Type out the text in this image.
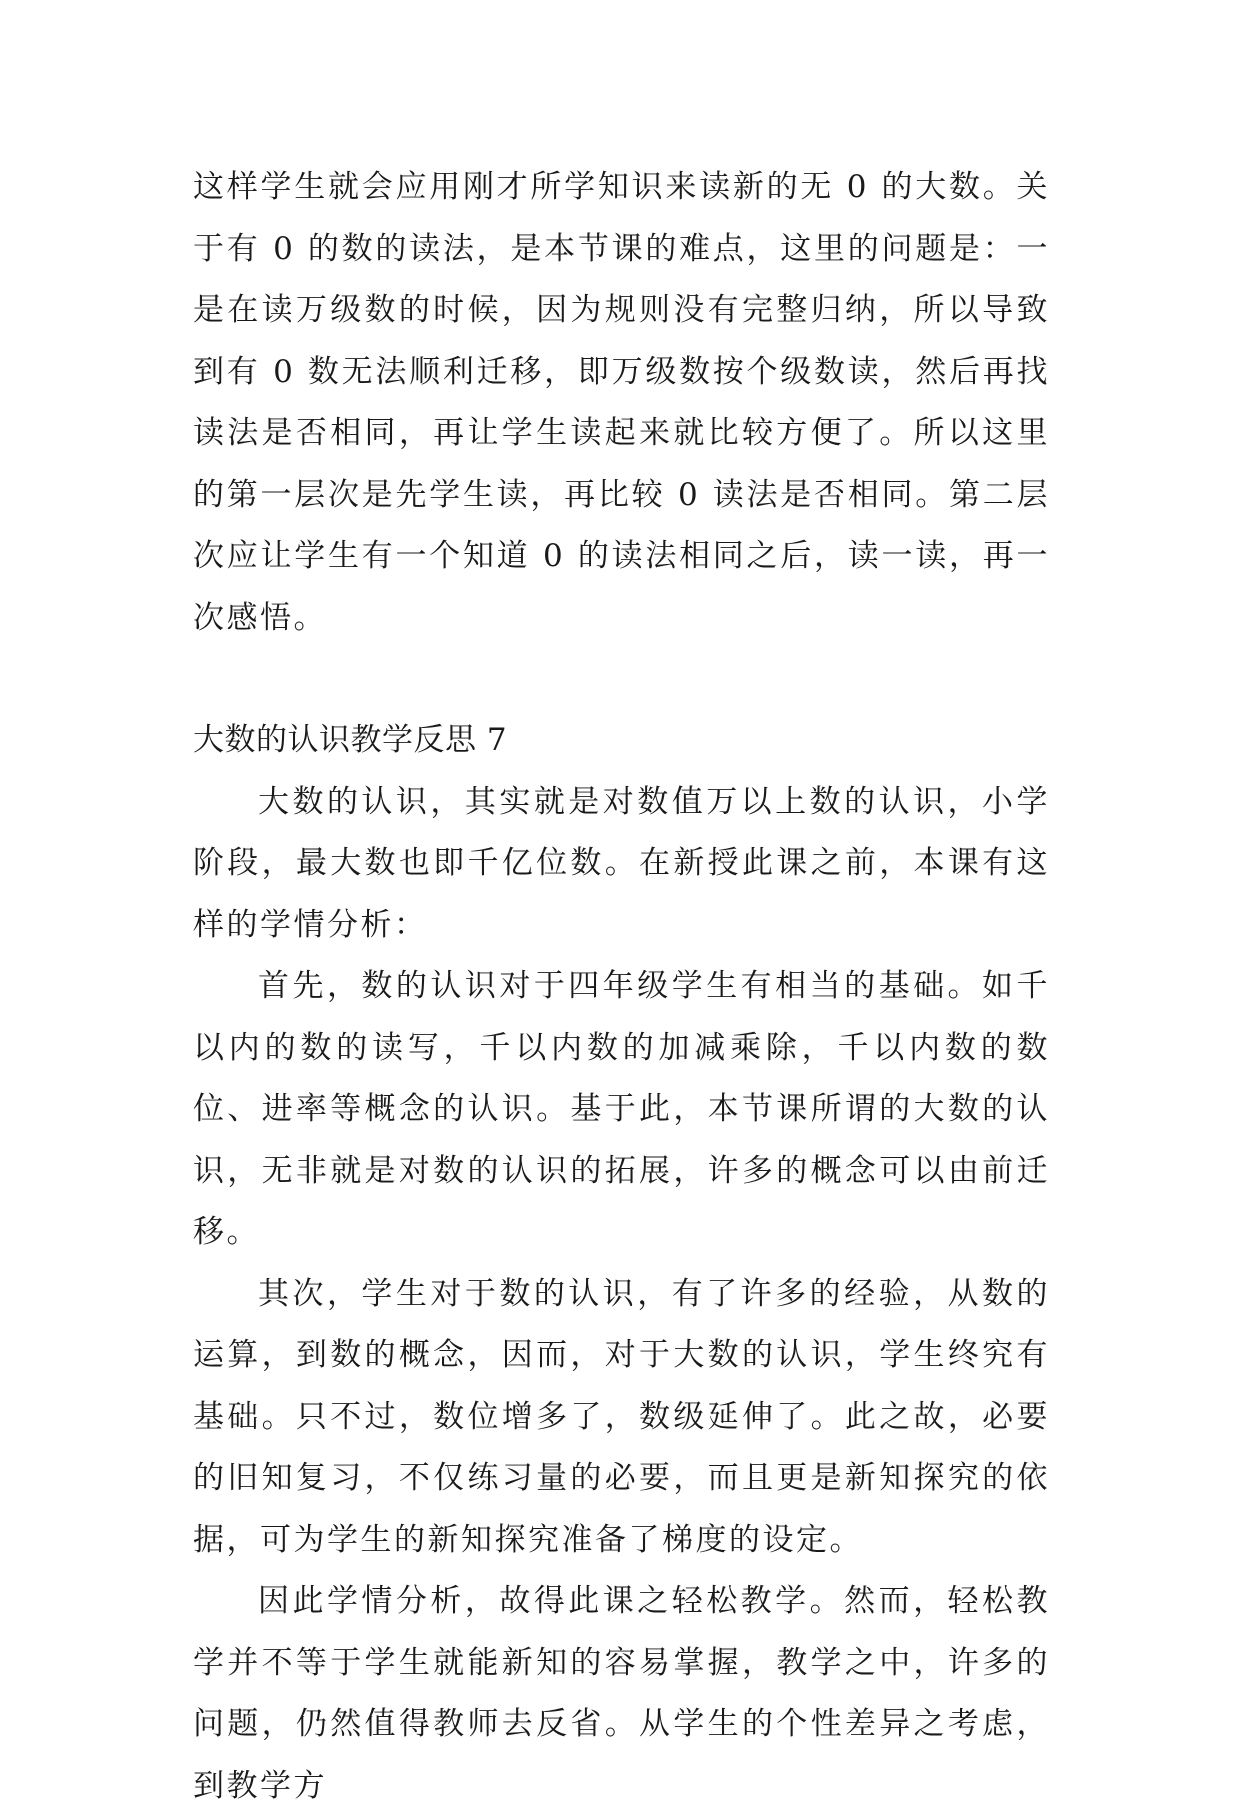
这样学生就会应用刚才所学知识来读新的无 0 的大数。关于有 0 的数的读法，是本节课的难点，这里的问题是：一是在读万级数的时候，因为规则没有完整归纳，所以导致到有 0 数无法顺利迁移，即万级数按个级数读，然后再找读法是否相同，再让学生读起来就比较方便了。所以这里的第一层次是先学生读，再比较 0 读法是否相同。第二层次应让学生有一个知道 0 的读法相同之后，读一读，再一次感悟。

大数的认识教学反思 7

大数的认识，其实就是对数值万以上数的认识，小学阶段，最大数也即千亿位数。在新授此课之前，本课有这样的学情分析：

首先，数的认识对于四年级学生有相当的基础。如千以内的数的读写，千以内数的加减乘除，千以内数的数位、进率等概念的认识。基于此，本节课所谓的大数的认识，无非就是对数的认识的拓展，许多的概念可以由前迁移。

其次，学生对于数的认识，有了许多的经验，从数的运算，到数的概念，因而，对于大数的认识，学生终究有基础。只不过，数位增多了，数级延伸了。此之故，必要的旧知复习，不仅练习量的必要，而且更是新知探究的依据，可为学生的新知探究准备了梯度的设定。

因此学情分析，故得此课之轻松教学。然而，轻松教学并不等于学生就能新知的容易掌握，教学之中，许多的问题，仍然值得教师去反省。从学生的个性差异之考虑，到教学方
